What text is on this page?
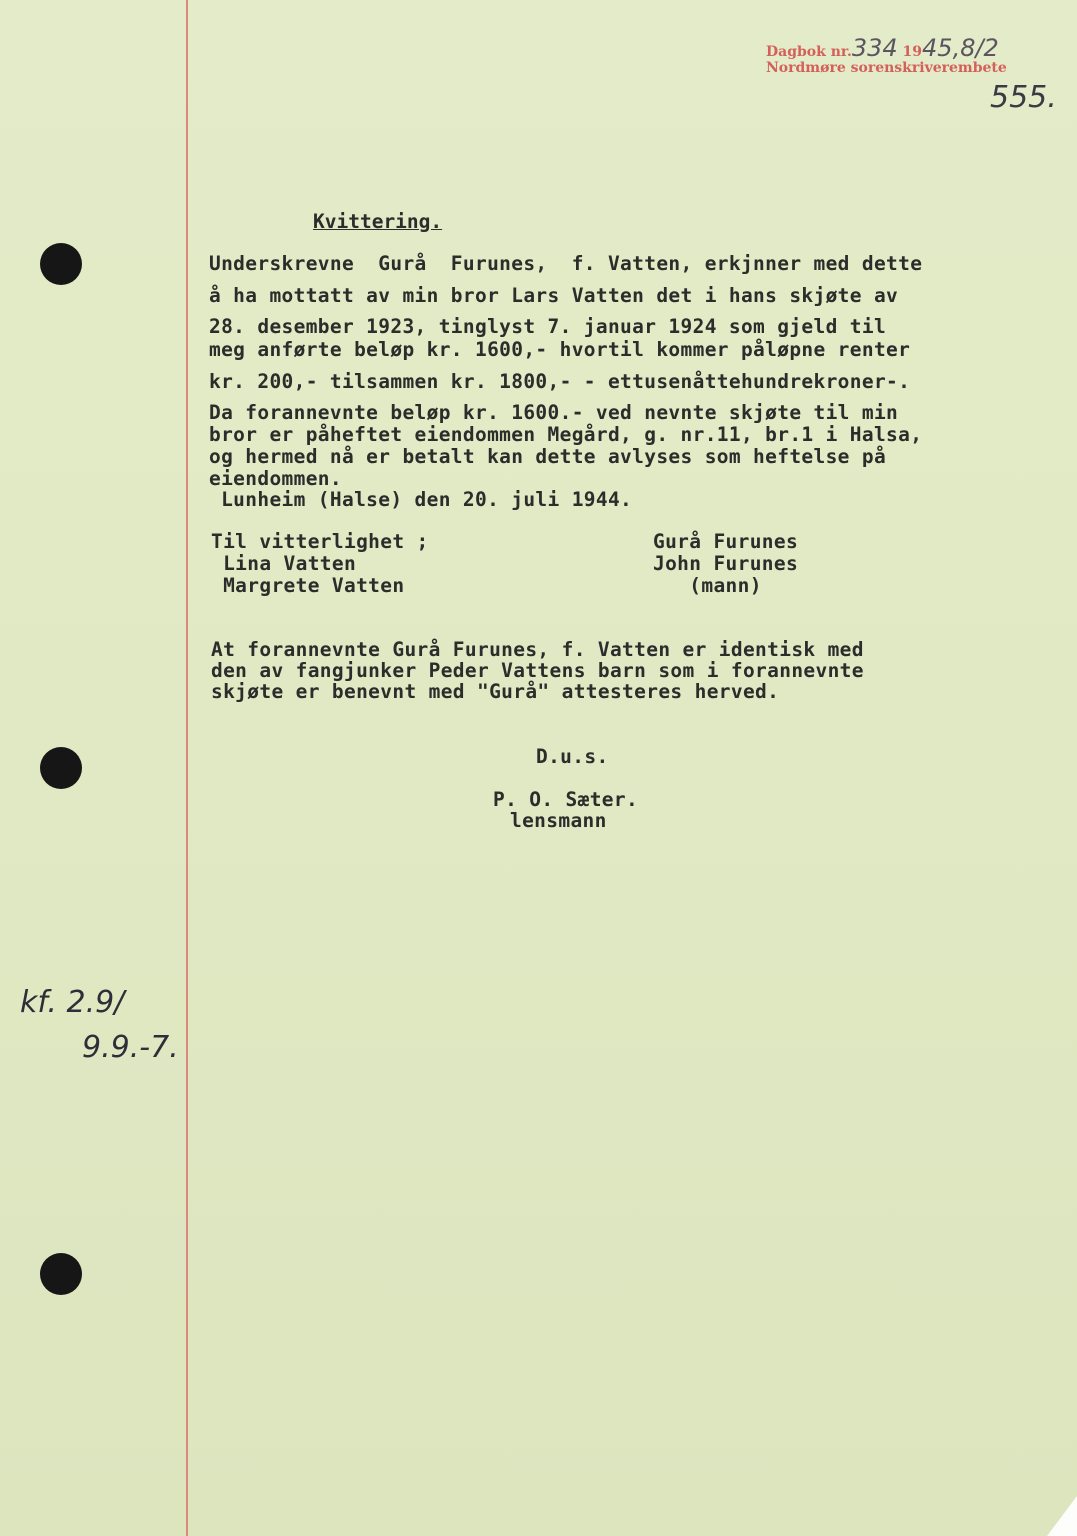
Dagbok nr.334 1945,8/2
Nordmøre sorenskriverembete
555.
Kvittering.
Underskrevne  Gurå  Furunes,  f. Vatten, erkjnner med dette
å ha mottatt av min bror Lars Vatten det i hans skjøte av
28. desember 1923, tinglyst 7. januar 1924 som gjeld til
meg anførte beløp kr. 1600,- hvortil kommer påløpne renter
kr. 200,- tilsammen kr. 1800,- - ettusenåttehundrekroner-.
Da forannevnte beløp kr. 1600.- ved nevnte skjøte til min
bror er påheftet eiendommen Megård, g. nr.11, br.1 i Halsa,
og hermed nå er betalt kan dette avlyses som heftelse på
eiendommen.
Lunheim (Halse) den 20. juli 1944.
Til vitterlighet ;
Lina Vatten
Margrete Vatten
Gurå Furunes
John Furunes
(mann)
At forannevnte Gurå Furunes, f. Vatten er identisk med
den av fangjunker Peder Vattens barn som i forannevnte
skjøte er benevnt med "Gurå" attesteres herved.
D.u.s.
P. O. Sæter.
lensmann
kf. 2.9/
9.9.-7.
